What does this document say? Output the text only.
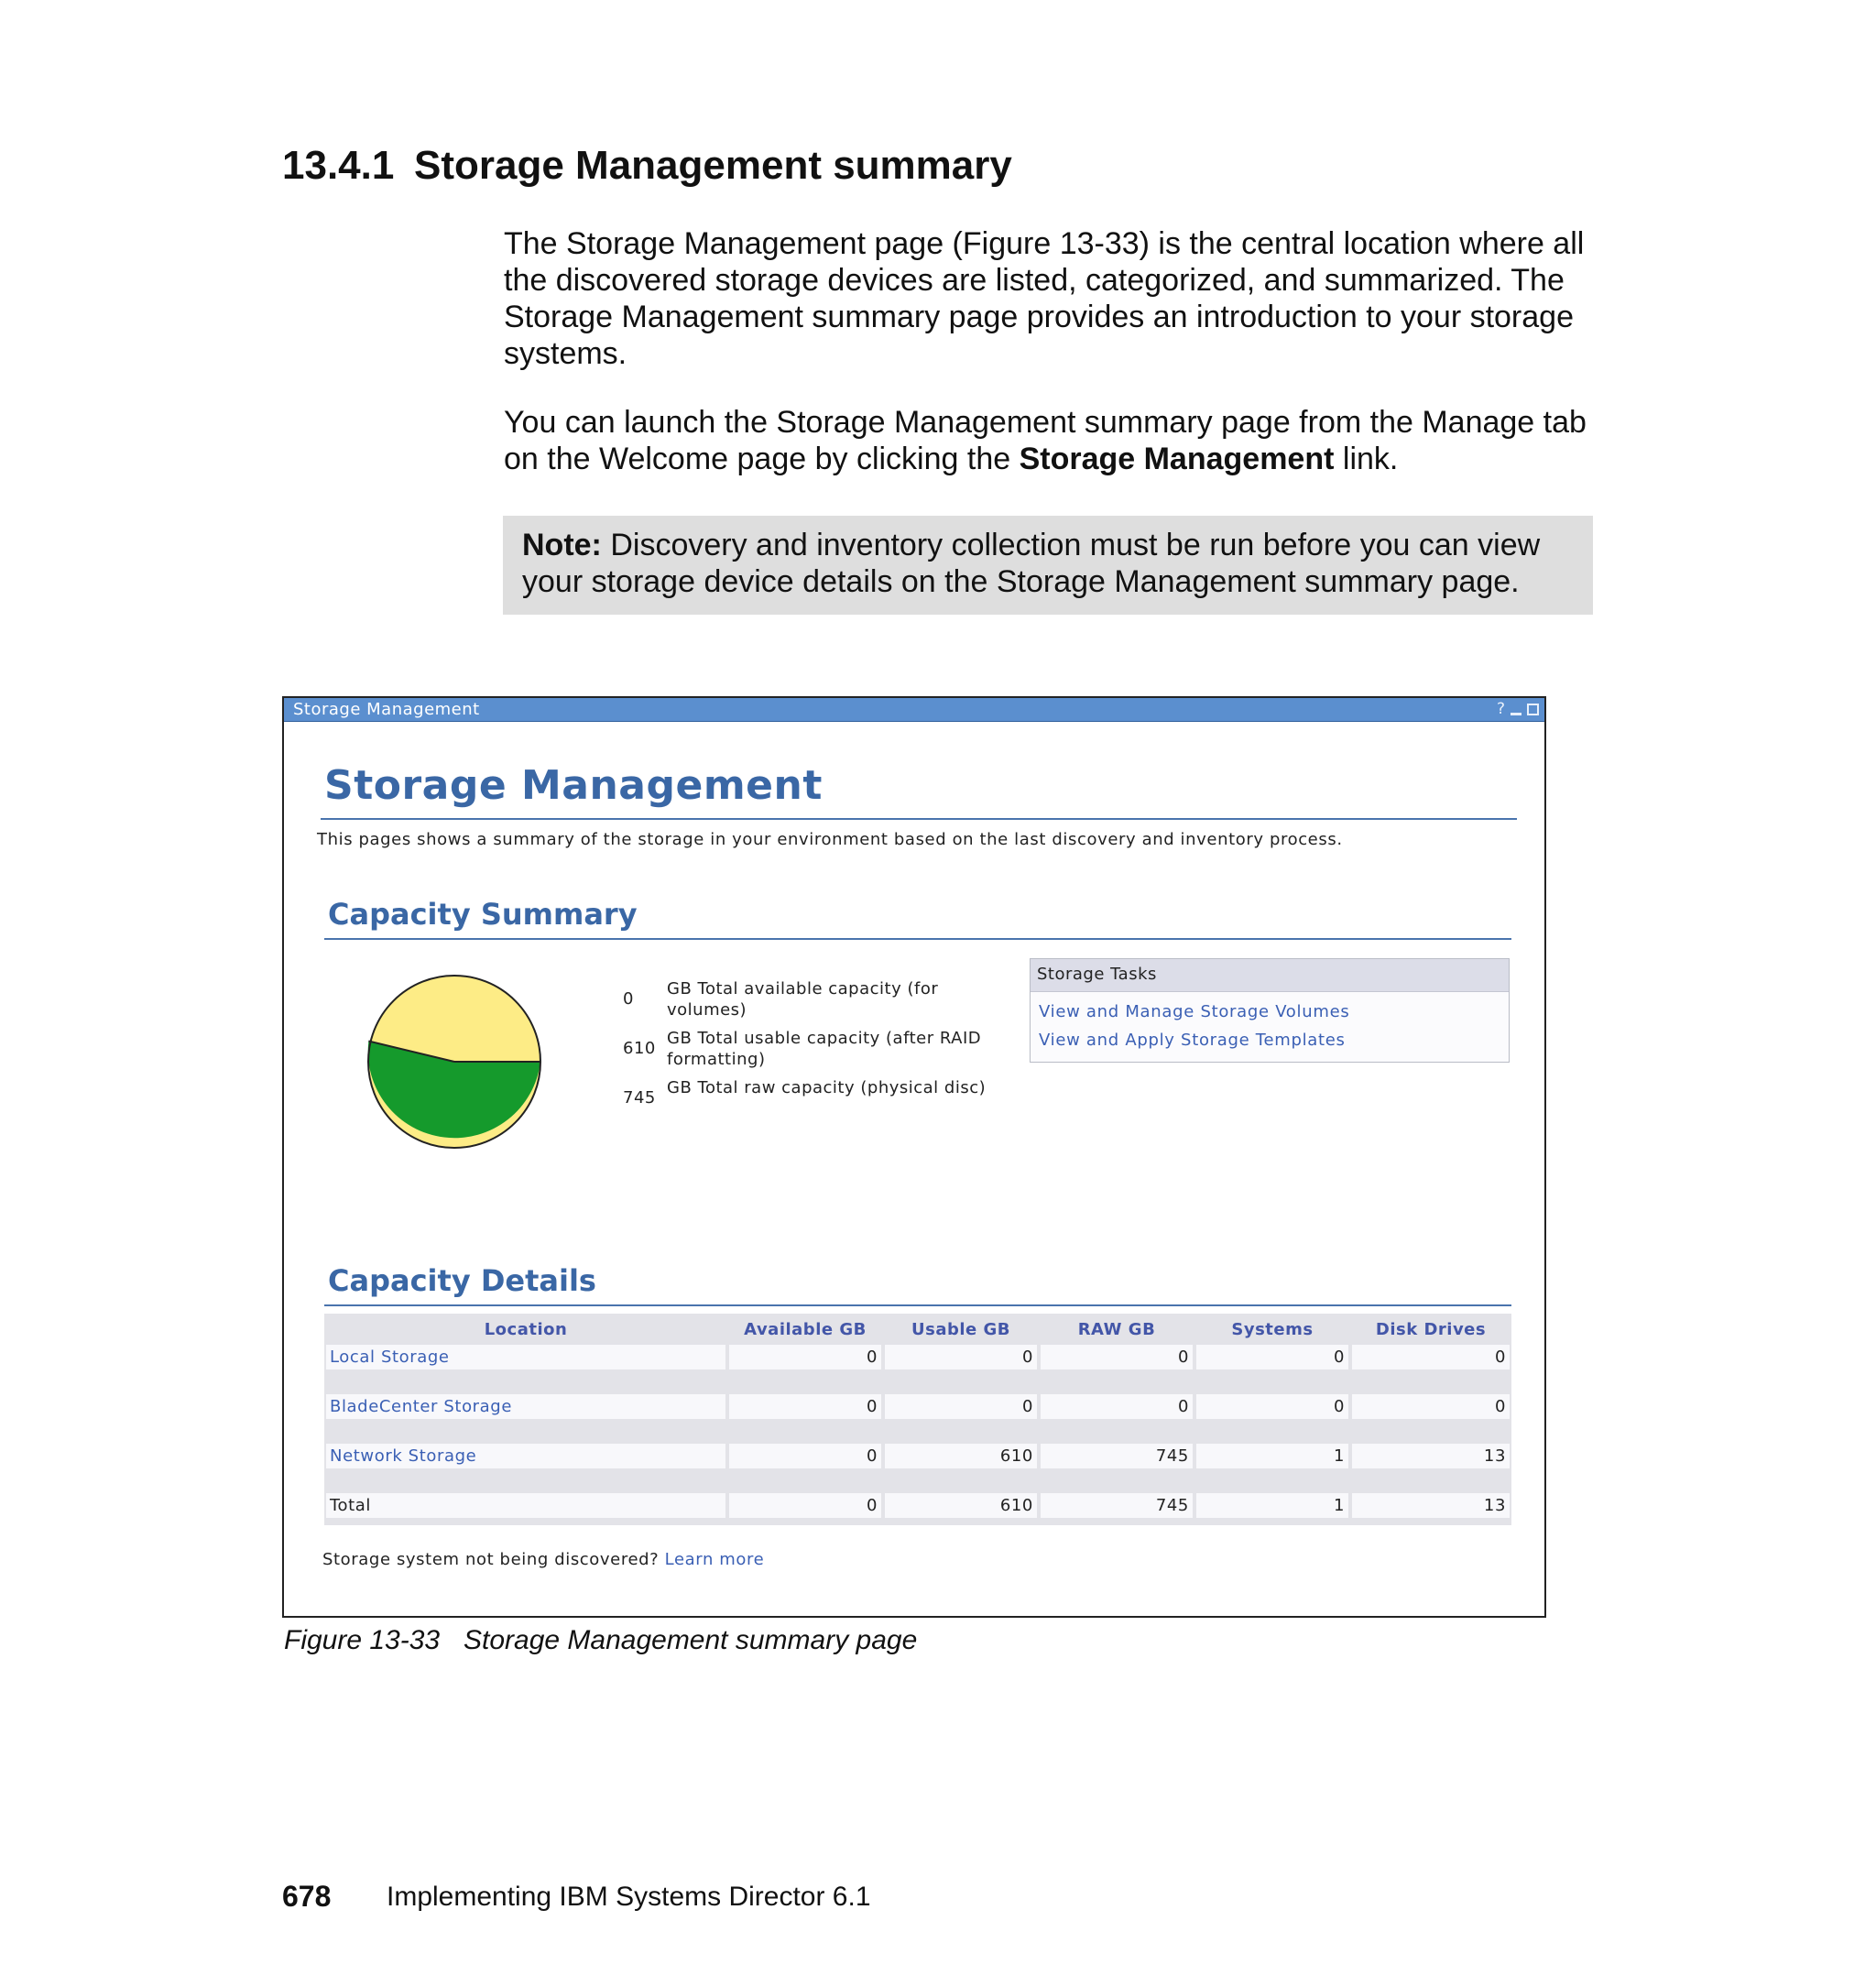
13.4.1 Storage Management summary
The Storage Management page (Figure 13-33) is the central location where all the discovered storage devices are listed, categorized, and summarized. The Storage Management summary page provides an introduction to your storage systems.
You can launch the Storage Management summary page from the Manage tab on the Welcome page by clicking the Storage Management link.
Note: Discovery and inventory collection must be run before you can view your storage device details on the Storage Management summary page.
Storage Management	?
Storage Management
This pages shows a summary of the storage in your environment based on the last discovery and inventory process.
Capacity Summary
0
GB Total available capacity (for volumes)
610
GB Total usable capacity (after RAID formatting)
745
GB Total raw capacity (physical disc)
Storage Tasks
View and Manage Storage Volumes
View and Apply Storage Templates
Capacity Details
Location	Available GB	Usable GB	RAW GB	Systems	Disk Drives

Local Storage	0	0	0	0	0

BladeCenter Storage	0	0	0	0	0

Network Storage	0	610	745	1	13

Total	0	610	745	1	13

Storage system not being discovered? Learn more
Figure 13-33 Storage Management summary page
678 Implementing IBM Systems Director 6.1
